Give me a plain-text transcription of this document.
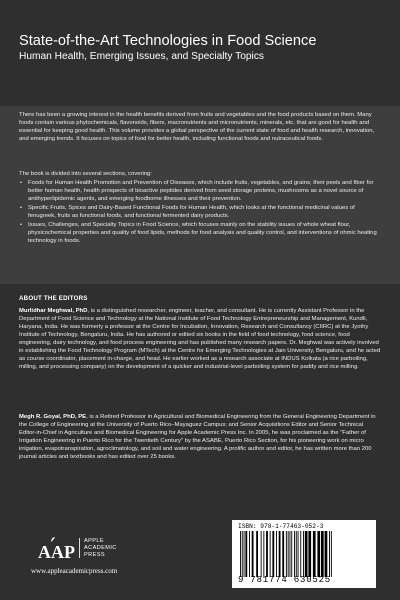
State-of-the-Art Technologies in Food Science
Human Health, Emerging Issues, and Specialty Topics

There has been a growing interest in the health benefits derived from fruits and vegetables and the food products based on them. Many foods contain various phytochemicals, flavonoids, fibers, macronutrients and micronutrients, minerals, etc. that are good for health and essential for keeping good health. This volume provides a global perspective of the current state of food and health research, innovation, and emerging trends. It focuses on topics of food for better health, including functional foods and nutraceutical foods.

The book is divided into several sections, covering:

• Foods for Human Health Promotion and Prevention of Diseases, which include fruits, vegetables, and grains; their peels and fiber for better human health, health prospects of bioactive peptides derived from seed storage proteins, mushrooms as a novel source of antihyperlipidemic agents, and emerging foodborne illnesses and their prevention.
• Specific Fruits, Spices and Dairy-Based Functional Foods for Human Health, which looks at the functional medicinal values of fenugreek, fruits as functional foods, and functional fermented dairy products.
• Issues, Challenges, and Specialty Topics in Food Science, which focuses mainly on the stability issues of whole wheat flour, physicochemical properties and quality of food lipids, methods for food analysis and quality control, and interventions of ohmic heating technology in foods.
ABOUT THE EDITORS

Murlidhar Meghwal, PhD, is a distinguished researcher, engineer, teacher, and consultant. He is currently Assistant Professor in the Department of Food Science and Technology at the National Institute of Food Technology Entrepreneurship and Management, Kundli, Haryana, India. He was formerly a professor at the Centre for Incubation, Innovation, Research and Consultancy (CIIRC) at the Jyothy Institute of Technology, Bengaluru, India. He has authored or edited six books in the field of food technology, food science, food engineering, dairy technology, and food process engineering and has published many research papers. Dr. Meghwal was actively involved in establishing the Food Technology Program (MTech) at the Centre for Emerging Technologies at Jain University, Bengaluru, and he acted as course coordinator, placement in-charge, and head. He earlier worked as a research associate at INDUS Kolkata (a rice parboiling, milling, and processing company) on the development of a quicker and industrial-level parboiling system for paddy and rice milling.

Megh R. Goyal, PhD, PE, is a Retired Professor in Agricultural and Biomedical Engineering from the General Engineering Department in the College of Engineering at the University of Puerto Rico–Mayaguez Campus; and Senior Acquisitions Editor and Senior Technical Editor-in-Chief in Agriculture and Biomedical Engineering for Apple Academic Press Inc. In 2005, he was proclaimed as the "Father of Irrigation Engineering in Puerto Rico for the Twentieth Century" by the ASABE, Puerto Rico Section, for his pioneering work on micro irrigation, evapotranspiration, agroclimatology, and soil and water engineering. A prolific author and editor, he has written more than 200 journal articles and textbooks and has edited over 25 books.

AAP
APPLE
ACADEMIC
PRESS
www.appleacademicpress.com
ISBN: 978-1-77463-052-3
9 781774 630525
